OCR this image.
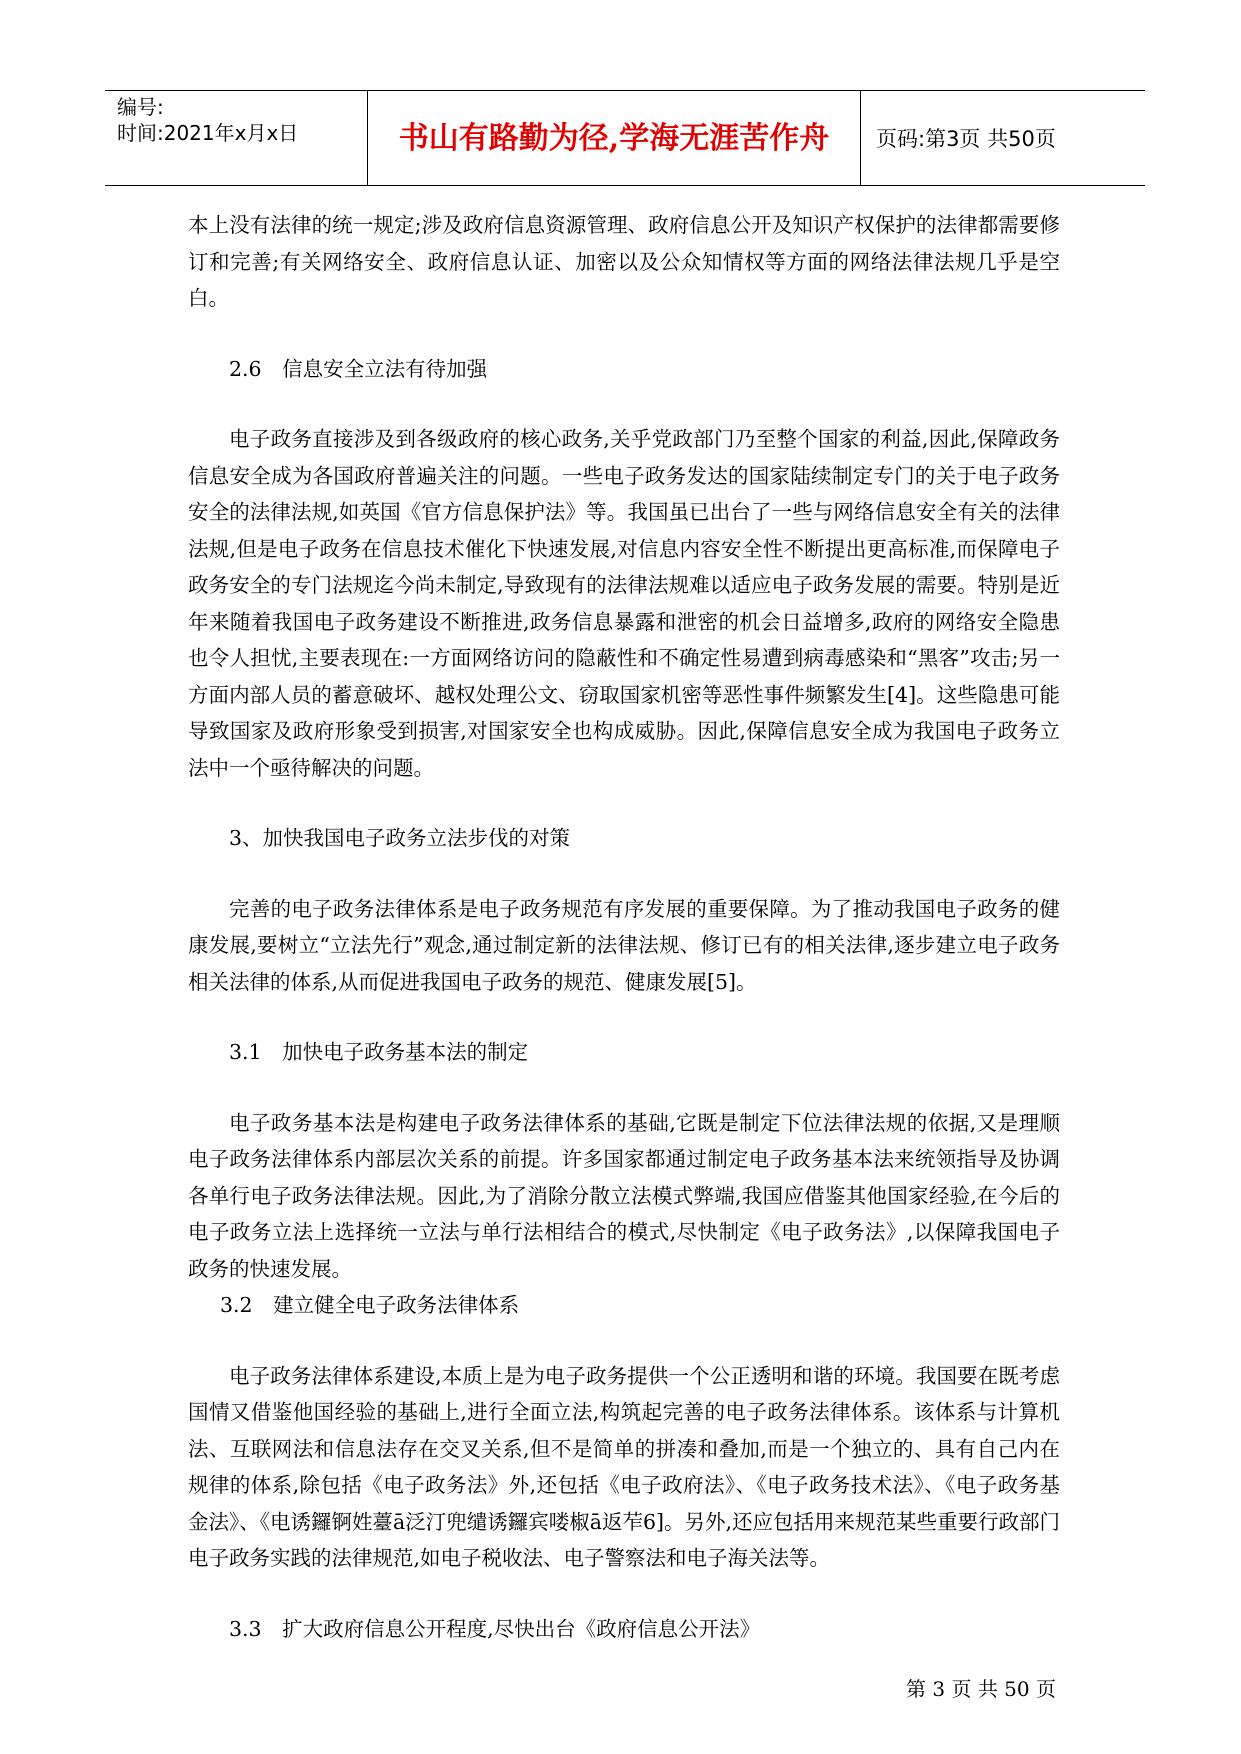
编号:
时间:2021年x月x日	书山有路勤为径,学海无涯苦作舟	页码:第3页 共50页

本上没有法律的统一规定;涉及政府信息资源管理、政府信息公开及知识产权保护的法律都需要修订和完善;有关网络安全、政府信息认证、加密以及公众知情权等方面的网络法律法规几乎是空白。

2.6　信息安全立法有待加强

电子政务直接涉及到各级政府的核心政务,关乎党政部门乃至整个国家的利益,因此,保障政务信息安全成为各国政府普遍关注的问题。一些电子政务发达的国家陆续制定专门的关于电子政务安全的法律法规,如英国《官方信息保护法》等。我国虽已出台了一些与网络信息安全有关的法律法规,但是电子政务在信息技术催化下快速发展,对信息内容安全性不断提出更高标准,而保障电子政务安全的专门法规迄今尚未制定,导致现有的法律法规难以适应电子政务发展的需要。特别是近年来随着我国电子政务建设不断推进,政务信息暴露和泄密的机会日益增多,政府的网络安全隐患也令人担忧,主要表现在:一方面网络访问的隐蔽性和不确定性易遭到病毒感染和“黑客”攻击;另一方面内部人员的蓄意破坏、越权处理公文、窃取国家机密等恶性事件频繁发生[4]。这些隐患可能导致国家及政府形象受到损害,对国家安全也构成威胁。因此,保障信息安全成为我国电子政务立法中一个亟待解决的问题。

3、加快我国电子政务立法步伐的对策

完善的电子政务法律体系是电子政务规范有序发展的重要保障。为了推动我国电子政务的健康发展,要树立“立法先行”观念,通过制定新的法律法规、修订已有的相关法律,逐步建立电子政务相关法律的体系,从而促进我国电子政务的规范、健康发展[5]。

3.1　加快电子政务基本法的制定

电子政务基本法是构建电子政务法律体系的基础,它既是制定下位法律法规的依据,又是理顺电子政务法律体系内部层次关系的前提。许多国家都通过制定电子政务基本法来统领指导及协调各单行电子政务法律法规。因此,为了消除分散立法模式弊端,我国应借鉴其他国家经验,在今后的电子政务立法上选择统一立法与单行法相结合的模式,尽快制定《电子政务法》,以保障我国电子政务的快速发展。

3.2　建立健全电子政务法律体系

电子政务法律体系建设,本质上是为电子政务提供一个公正透明和谐的环境。我国要在既考虑国情又借鉴他国经验的基础上,进行全面立法,构筑起完善的电子政务法律体系。该体系与计算机法、互联网法和信息法存在交叉关系,但不是简单的拼凑和叠加,而是一个独立的、具有自己内在规律的体系,除包括《电子政务法》外,还包括《电子政府法》、《电子政务技术法》、《电子政务基金法》、《电诱鑼锕姓薹ā泛汀兜缱诱鑼宾喽椒ā返苲6]。另外,还应包括用来规范某些重要行政部门电子政务实践的法律规范,如电子税收法、电子警察法和电子海关法等。

3.3　扩大政府信息公开程度,尽快出台《政府信息公开法》

第 3 页 共 50 页
